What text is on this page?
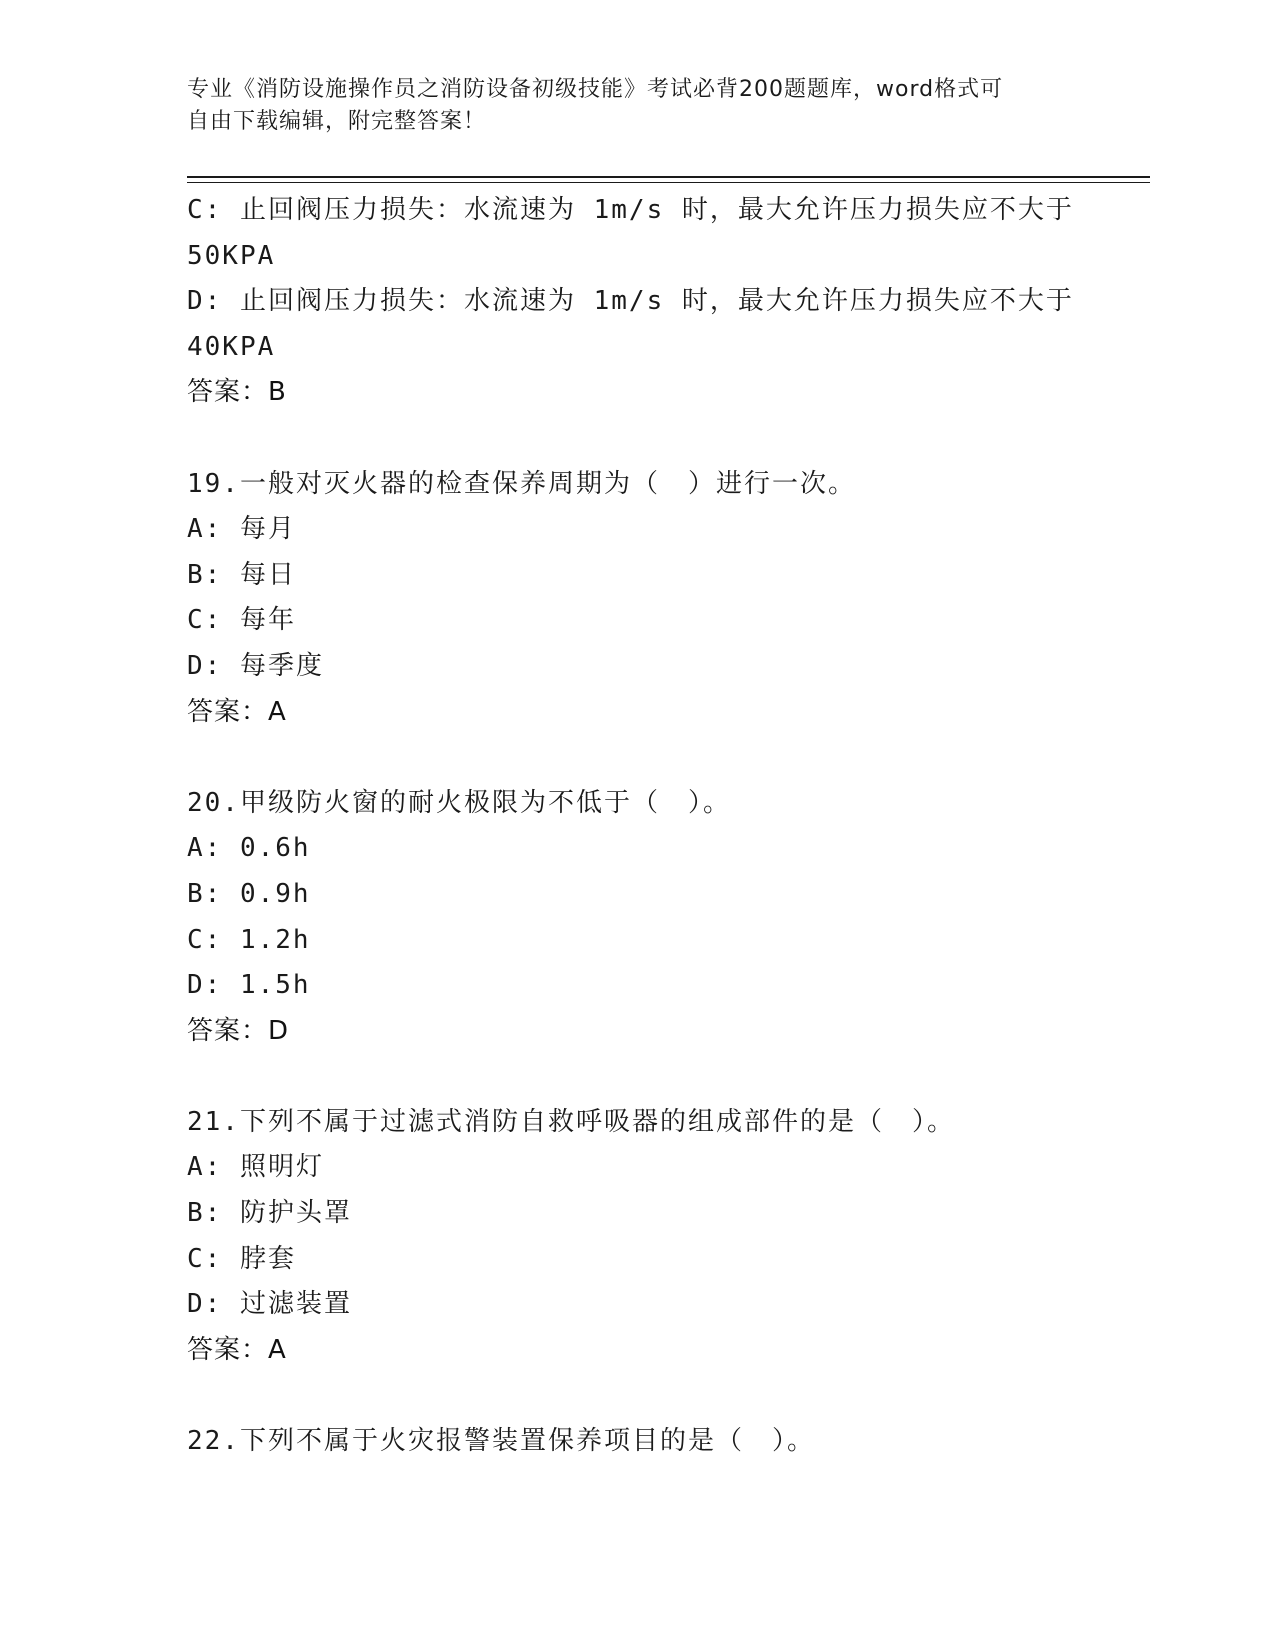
专业《消防设施操作员之消防设备初级技能》考试必背200题题库，word格式可
自由下载编辑，附完整答案！
C: 止回阀压力损失：水流速为 1m/s 时，最大允许压力损失应不大于
50KPA
D: 止回阀压力损失：水流速为 1m/s 时，最大允许压力损失应不大于
40KPA
答案：B
19.一般对灭火器的检查保养周期为（　）进行一次。
A: 每月
B: 每日
C: 每年
D: 每季度
答案：A
20.甲级防火窗的耐火极限为不低于（　）。
A: 0.6h
B: 0.9h
C: 1.2h
D: 1.5h
答案：D
21.下列不属于过滤式消防自救呼吸器的组成部件的是（　）。
A: 照明灯
B: 防护头罩
C: 脖套
D: 过滤装置
答案：A
22.下列不属于火灾报警装置保养项目的是（　）。
